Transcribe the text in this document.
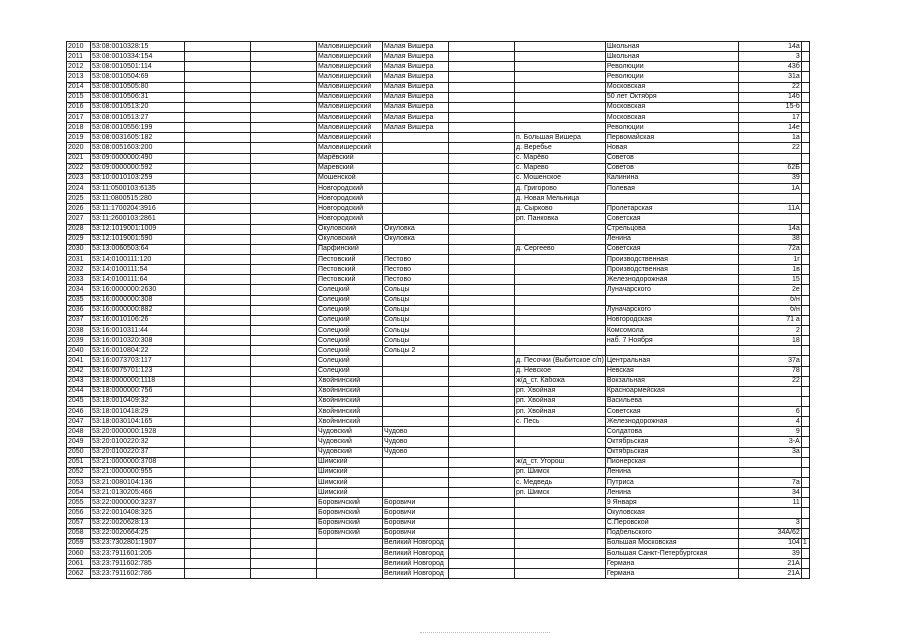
2010	53:08:0010328:15			Маловишерский	Малая Вишера			Школьная	14а	
2011	53:08:0010334:154			Маловишерский	Малая Вишера			Школьная	3	
2012	53:08:0010501:114			Маловишерский	Малая Вишера			Революции	43б	
2013	53:08:0010504:69			Маловишерский	Малая Вишера			Революции	31а	
2014	53:08:0010505:80			Маловишерский	Малая Вишера			Московская	22	
2015	53:08:0010506:31			Маловишерский	Малая Вишера			50 лет Октября	14б	
2016	53:08:0010513:20			Маловишерский	Малая Вишера			Московская	15-б	
2017	53:08:0010513:27			Маловишерский	Малая Вишера			Московская	17	
2018	53:08:0010556:199			Маловишерский	Малая Вишера			Революции	14е	
2019	53:08:0031605:182			Маловишерский			п. Большая Вишера	Первомайская	1а	
2020	53:08:0051603:200			Маловишерский			д. Веребье	Новая	22	
2021	53:09:0000000:490			Марёвский			с. Марёво	Советов		
2022	53:09:0000000:592			Маревский			с. Марево	Советов	62Б	
2023	53:10:0010103:259			Мошенской			с. Мошенское	Калинина	39	
2024	53:11:0500103:6135			Новгородский			д. Григорово	Полевая	1А	
2025	53:11:0800515:280			Новгородский			д. Новая Мельница			
2026	53:11:1700204:3916			Новгородский			д. Сырково	Пролетарская	11А	
2027	53:11:2600103:2861			Новгородский			рп. Панковка	Советская		
2028	53:12:1019001:1009			Окуловский	Окуловка			Стрельцова	14а	
2029	53:12:1019001:590			Окуловский	Окуловка			Ленина	38	
2030	53:13:0060503:64			Парфинский			д. Сергеево	Советская	72а	
2031	53:14:0100111:120			Пестовский	Пестово			Производственная	1г	
2032	53:14:0100111:54			Пестовский	Пестово			Производственная	1в	
2033	53:14:0100111:64			Пестовский	Пестово			Железнодорожная	15	
2034	53:16:0000000:2630			Солецкий	Сольцы			Луначарского	2е	
2035	53:16:0000000:308			Солецкий	Сольцы				б/н	
2036	53:16:0000000:882			Солецкий	Сольцы			Луначарского	б/н	
2037	53:16:0010106:26			Солецкий	Сольцы			Новгородская	71 а	
2038	53:16:0010311:44			Солецкий	Сольцы			Комсомола	2	
2039	53:16:0010320:308			Солецкий	Сольцы			наб. 7 Ноября	18	
2040	53:16:0010804:22			Солецкий	Сольцы 2					
2041	53:16:0073703:117			Солецкий			д. Песочки (Выбитское с/п)	Центральная	37а	
2042	53:16:0075701:123			Солецкий			д. Невское	Невская	78	
2043	53:18:0000000:1118			Хвойнинский			ж/д_ст. Кабожа	Вокзальная	22	
2044	53:18:0000000:756			Хвойнинский			рп. Хвойная	Красноармейская		
2045	53:18:0010409:32			Хвойнинский			рп. Хвойная	Васильева		
2046	53:18:0010418:29			Хвойнинский			рп. Хвойная	Советская	6	
2047	53:18:0030104:165			Хвойнинский			с. Песь	Железнодорожная	4	
2048	53:20:0000000:1928			Чудовский	Чудово			Солдатова	9	
2049	53:20:0100220:32			Чудовский	Чудово			Октябрьская	3-А	
2050	53:20:0100220:37			Чудовский	Чудово			Октябрьская	3а	
2051	53:21:0000000:3708			Шимский			ж/д_ст. Угорош	Пионерская		
2052	53:21:0000000:955			Шимский			рп. Шимск	Ленина		
2053	53:21:0080104:136			Шимский			с. Медведь	Путриса	7а	
2054	53:21:0130205:466			Шимский			рп. Шимск	Ленина	34	
2055	53:22:0000000:3237			Боровичский	Боровичи			9 Января	11	
2056	53:22:0010408:325			Боровичский	Боровичи			Окуловская		
2057	53:22:0020628:13			Боровичский	Боровичи			С.Перовской	3	
2058	53:22:0020664:25			Боровичский	Боровичи			Подбельского	34А/62	
2059	53:23:7302801:1907				Великий Новгород			Большая Московская	104	1
2060	53:23:7911601:205				Великий Новгород			Большая Санкт-Петербургская	39	
2061	53:23:7911602:785				Великий Новгород			Германа	21А	
2062	53:23:7911602:786				Великий Новгород			Германа	21А	
